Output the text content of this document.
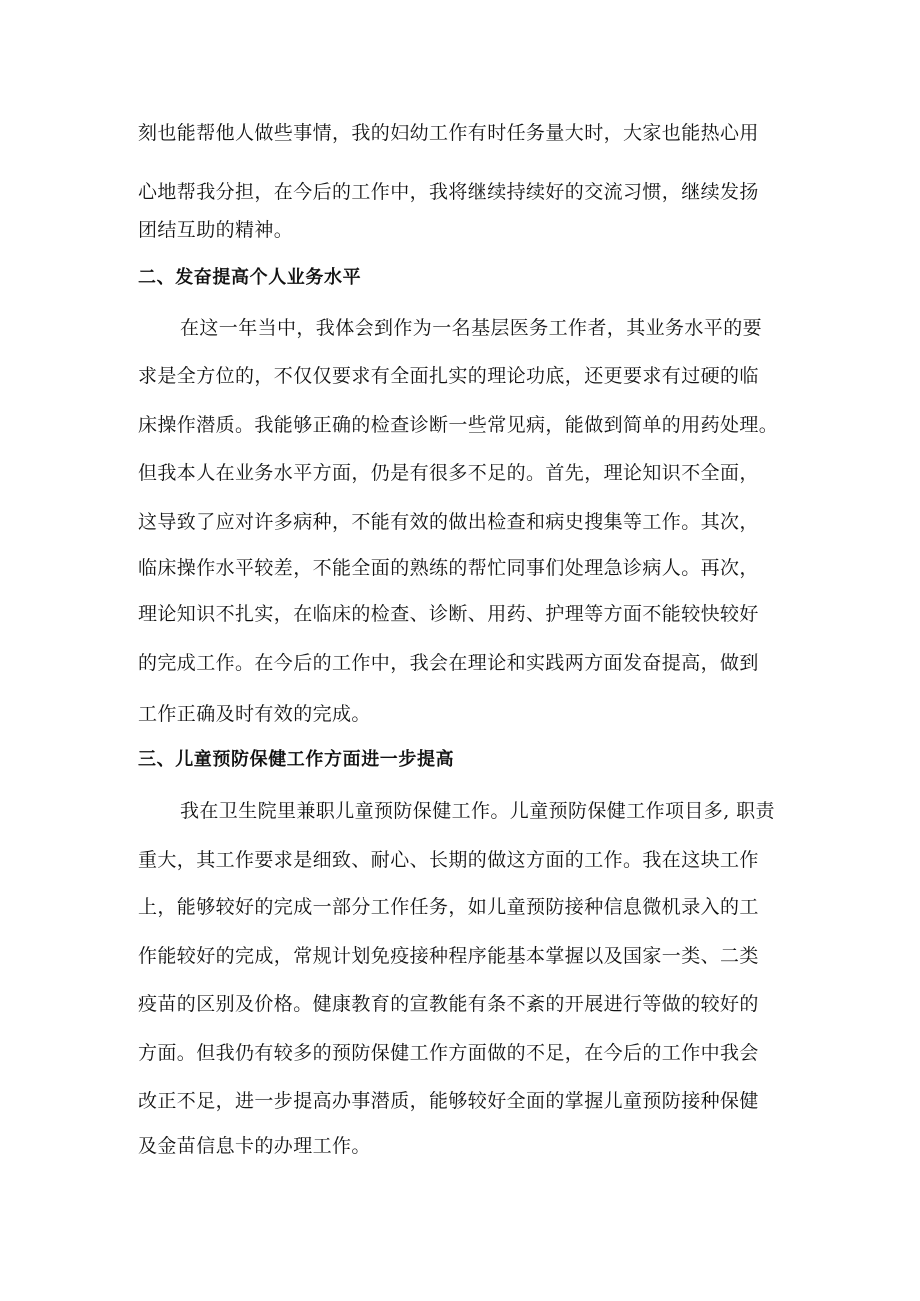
刻也能帮他人做些事情，我的妇幼工作有时任务量大时，大家也能热心用
心地帮我分担，在今后的工作中，我将继续持续好的交流习惯，继续发扬
团结互助的精神。
二、发奋提高个人业务水平
在这一年当中，我体会到作为一名基层医务工作者，其业务水平的要
求是全方位的，不仅仅要求有全面扎实的理论功底，还更要求有过硬的临
床操作潜质。我能够正确的检查诊断一些常见病，能做到简单的用药处理。
但我本人在业务水平方面，仍是有很多不足的。首先，理论知识不全面，
这导致了应对许多病种，不能有效的做出检查和病史搜集等工作。其次，
临床操作水平较差，不能全面的熟练的帮忙同事们处理急诊病人。再次，
理论知识不扎实，在临床的检查、诊断、用药、护理等方面不能较快较好
的完成工作。在今后的工作中，我会在理论和实践两方面发奋提高，做到
工作正确及时有效的完成。
三、儿童预防保健工作方面进一步提高
我在卫生院里兼职儿童预防保健工作。儿童预防保健工作项目多, 职责
重大，其工作要求是细致、耐心、长期的做这方面的工作。我在这块工作
上，能够较好的完成一部分工作任务，如儿童预防接种信息微机录入的工
作能较好的完成，常规计划免疫接种程序能基本掌握以及国家一类、二类
疫苗的区别及价格。健康教育的宣教能有条不紊的开展进行等做的较好的
方面。但我仍有较多的预防保健工作方面做的不足，在今后的工作中我会
改正不足，进一步提高办事潜质，能够较好全面的掌握儿童预防接种保健
及金苗信息卡的办理工作。
